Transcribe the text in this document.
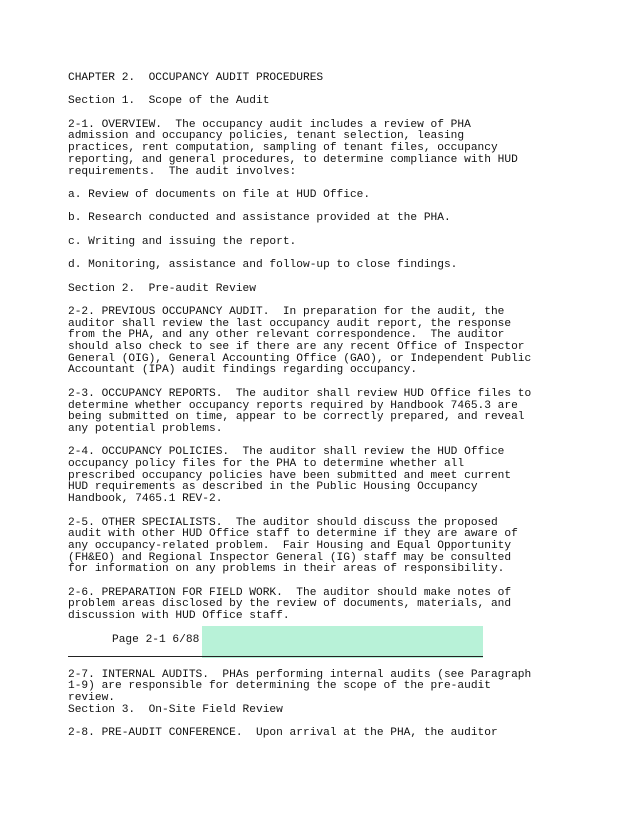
CHAPTER 2.  OCCUPANCY AUDIT PROCEDURES

Section 1.  Scope of the Audit

2-1. OVERVIEW.  The occupancy audit includes a review of PHA
admission and occupancy policies, tenant selection, leasing
practices, rent computation, sampling of tenant files, occupancy
reporting, and general procedures, to determine compliance with HUD
requirements.  The audit involves:

a. Review of documents on file at HUD Office.

b. Research conducted and assistance provided at the PHA.

c. Writing and issuing the report.

d. Monitoring, assistance and follow-up to close findings.

Section 2.  Pre-audit Review

2-2. PREVIOUS OCCUPANCY AUDIT.  In preparation for the audit, the
auditor shall review the last occupancy audit report, the response
from the PHA, and any other relevant correspondence.  The auditor
should also check to see if there are any recent Office of Inspector
General (OIG), General Accounting Office (GAO), or Independent Public
Accountant (IPA) audit findings regarding occupancy.

2-3. OCCUPANCY REPORTS.  The auditor shall review HUD Office files to
determine whether occupancy reports required by Handbook 7465.3 are
being submitted on time, appear to be correctly prepared, and reveal
any potential problems.

2-4. OCCUPANCY POLICIES.  The auditor shall review the HUD Office
occupancy policy files for the PHA to determine whether all
prescribed occupancy policies have been submitted and meet current
HUD requirements as described in the Public Housing Occupancy
Handbook, 7465.1 REV-2.

2-5. OTHER SPECIALISTS.  The auditor should discuss the proposed
audit with other HUD Office staff to determine if they are aware of
any occupancy-related problem.  Fair Housing and Equal Opportunity
(FH&EO) and Regional Inspector General (IG) staff may be consulted
for information on any problems in their areas of responsibility.

2-6. PREPARATION FOR FIELD WORK.  The auditor should make notes of
problem areas disclosed by the review of documents, materials, and
discussion with HUD Office staff.

Page 2-1 6/88

2-7. INTERNAL AUDITS.  PHAs performing internal audits (see Paragraph
1-9) are responsible for determining the scope of the pre-audit
review.

Section 3.  On-Site Field Review

2-8. PRE-AUDIT CONFERENCE.  Upon arrival at the PHA, the auditor
